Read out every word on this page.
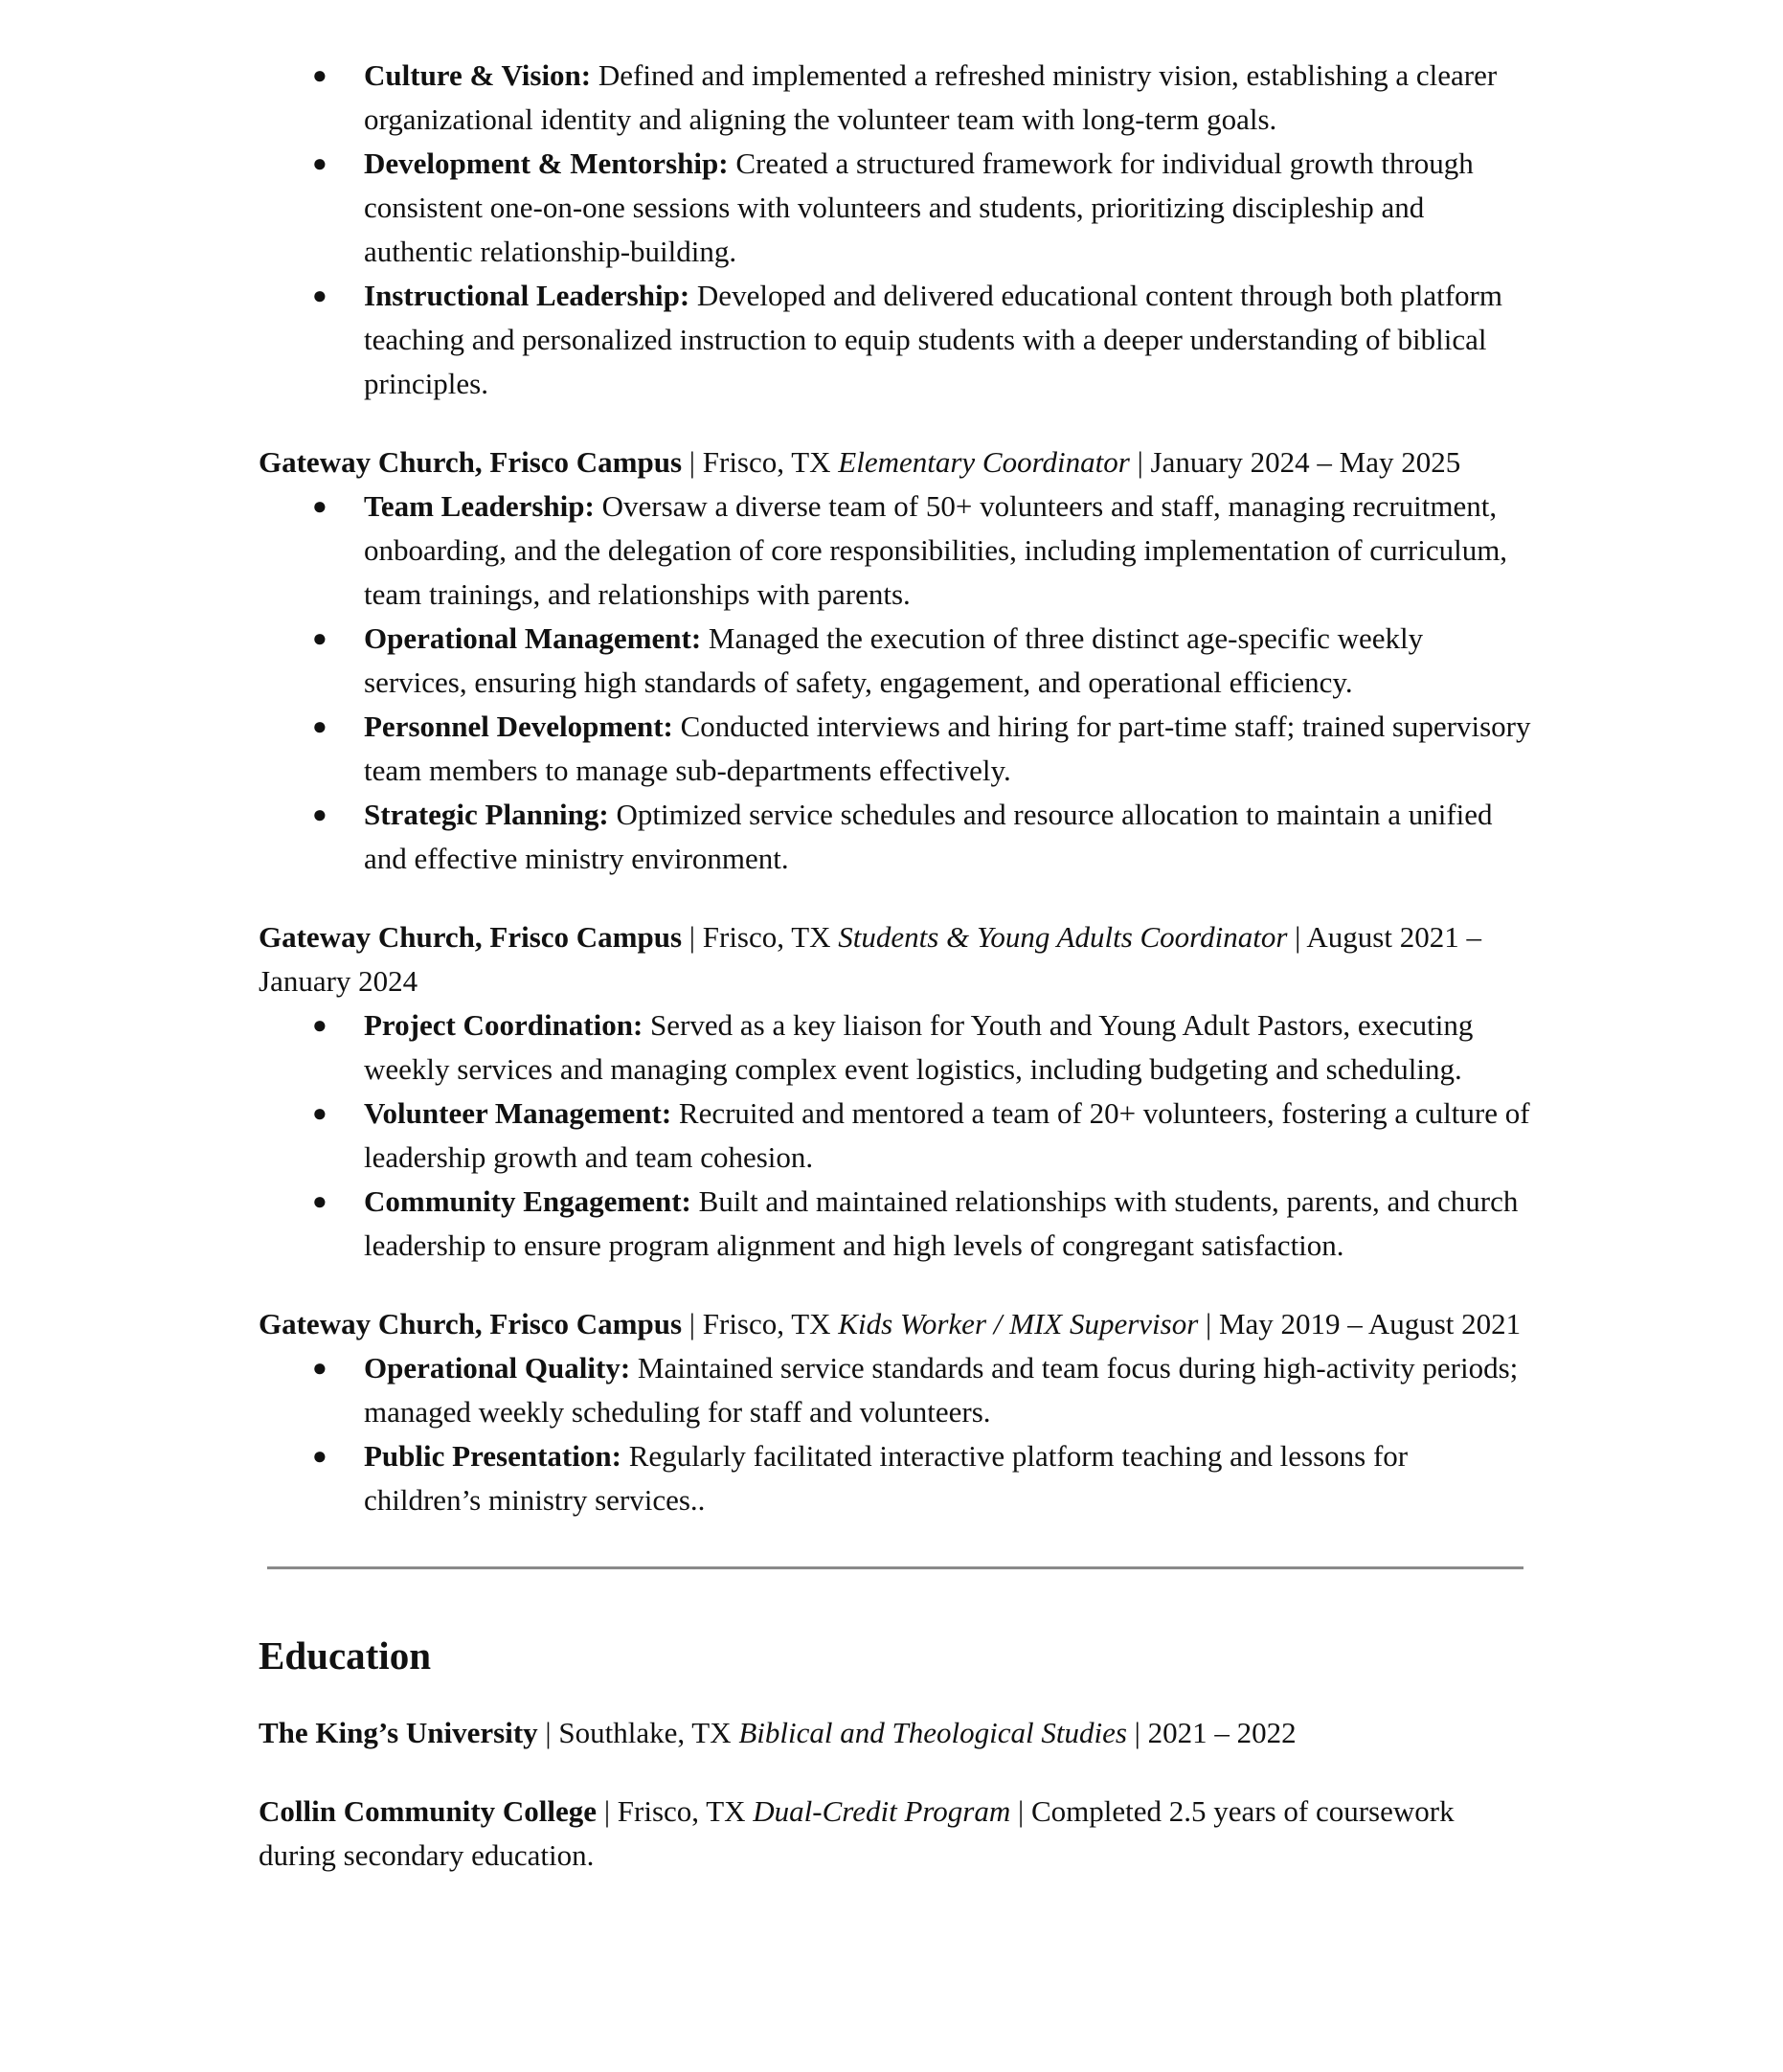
● Culture & Vision: Defined and implemented a refreshed ministry vision, establishing a clearer organizational identity and aligning the volunteer team with long-term goals.
● Development & Mentorship: Created a structured framework for individual growth through consistent one-on-one sessions with volunteers and students, prioritizing discipleship and authentic relationship-building.
● Instructional Leadership: Developed and delivered educational content through both platform teaching and personalized instruction to equip students with a deeper understanding of biblical principles.

Gateway Church, Frisco Campus | Frisco, TX Elementary Coordinator | January 2024 – May 2025

● Team Leadership: Oversaw a diverse team of 50+ volunteers and staff, managing recruitment, onboarding, and the delegation of core responsibilities, including implementation of curriculum, team trainings, and relationships with parents.
● Operational Management: Managed the execution of three distinct age-specific weekly services, ensuring high standards of safety, engagement, and operational efficiency.
● Personnel Development: Conducted interviews and hiring for part-time staff; trained supervisory team members to manage sub-departments effectively.
● Strategic Planning: Optimized service schedules and resource allocation to maintain a unified and effective ministry environment.

Gateway Church, Frisco Campus | Frisco, TX Students & Young Adults Coordinator | August 2021 – January 2024

● Project Coordination: Served as a key liaison for Youth and Young Adult Pastors, executing weekly services and managing complex event logistics, including budgeting and scheduling.
● Volunteer Management: Recruited and mentored a team of 20+ volunteers, fostering a culture of leadership growth and team cohesion.
● Community Engagement: Built and maintained relationships with students, parents, and church leadership to ensure program alignment and high levels of congregant satisfaction.

Gateway Church, Frisco Campus | Frisco, TX Kids Worker / MIX Supervisor | May 2019 – August 2021

● Operational Quality: Maintained service standards and team focus during high-activity periods; managed weekly scheduling for staff and volunteers.
● Public Presentation: Regularly facilitated interactive platform teaching and lessons for children’s ministry services..
Education

The King’s University | Southlake, TX Biblical and Theological Studies | 2021 – 2022

Collin Community College | Frisco, TX Dual-Credit Program | Completed 2.5 years of coursework during secondary education.
